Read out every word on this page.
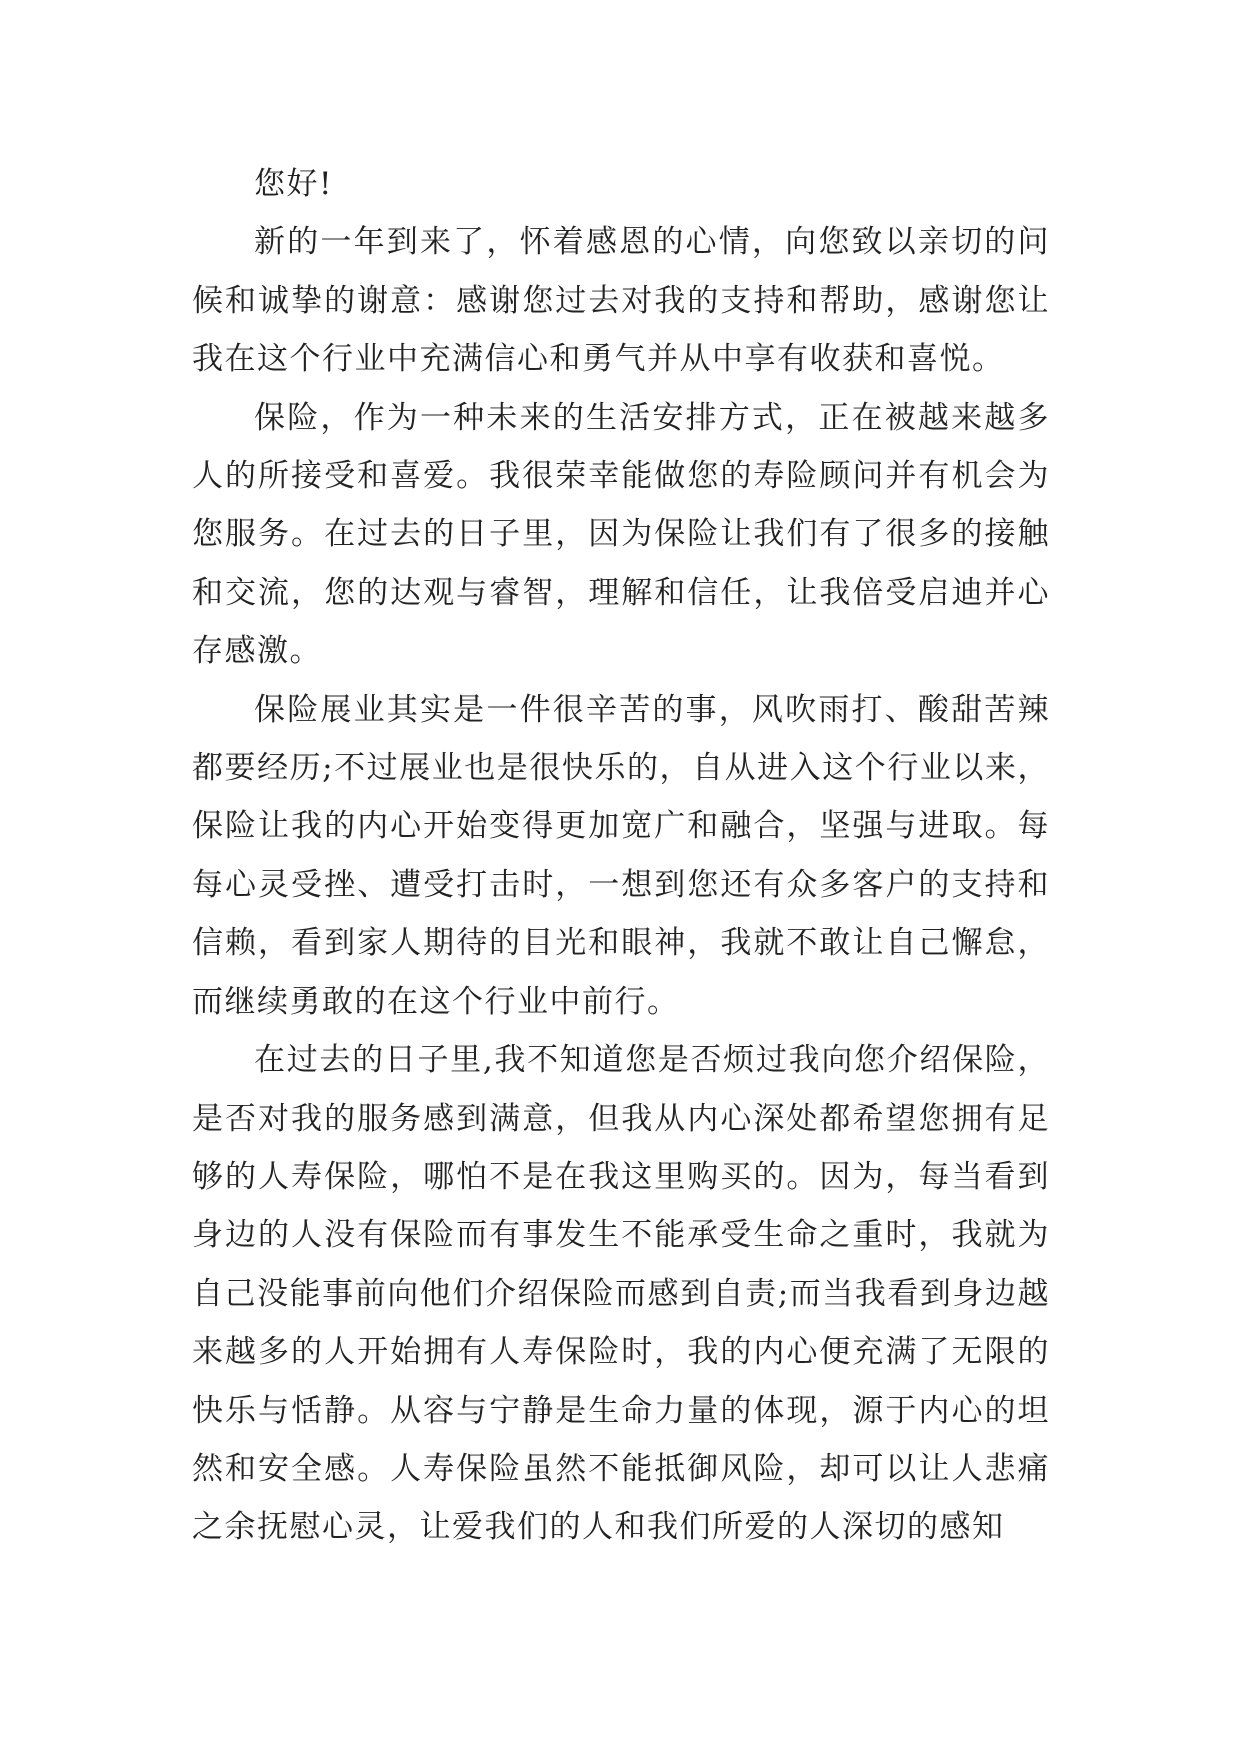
您好!

新的一年到来了，怀着感恩的心情，向您致以亲切的问候和诚挚的谢意：感谢您过去对我的支持和帮助，感谢您让我在这个行业中充满信心和勇气并从中享有收获和喜悦。

保险，作为一种未来的生活安排方式，正在被越来越多人的所接受和喜爱。我很荣幸能做您的寿险顾问并有机会为您服务。在过去的日子里，因为保险让我们有了很多的接触和交流，您的达观与睿智，理解和信任，让我倍受启迪并心存感激。

保险展业其实是一件很辛苦的事，风吹雨打、酸甜苦辣都要经历;不过展业也是很快乐的，自从进入这个行业以来，保险让我的内心开始变得更加宽广和融合，坚强与进取。每每心灵受挫、遭受打击时，一想到您还有众多客户的支持和信赖，看到家人期待的目光和眼神，我就不敢让自己懈怠，而继续勇敢的在这个行业中前行。

在过去的日子里,我不知道您是否烦过我向您介绍保险，是否对我的服务感到满意，但我从内心深处都希望您拥有足够的人寿保险，哪怕不是在我这里购买的。因为，每当看到身边的人没有保险而有事发生不能承受生命之重时，我就为自己没能事前向他们介绍保险而感到自责;而当我看到身边越来越多的人开始拥有人寿保险时，我的内心便充满了无限的快乐与恬静。从容与宁静是生命力量的体现，源于内心的坦然和安全感。人寿保险虽然不能抵御风险，却可以让人悲痛之余抚慰心灵，让爱我们的人和我们所爱的人深切的感知
